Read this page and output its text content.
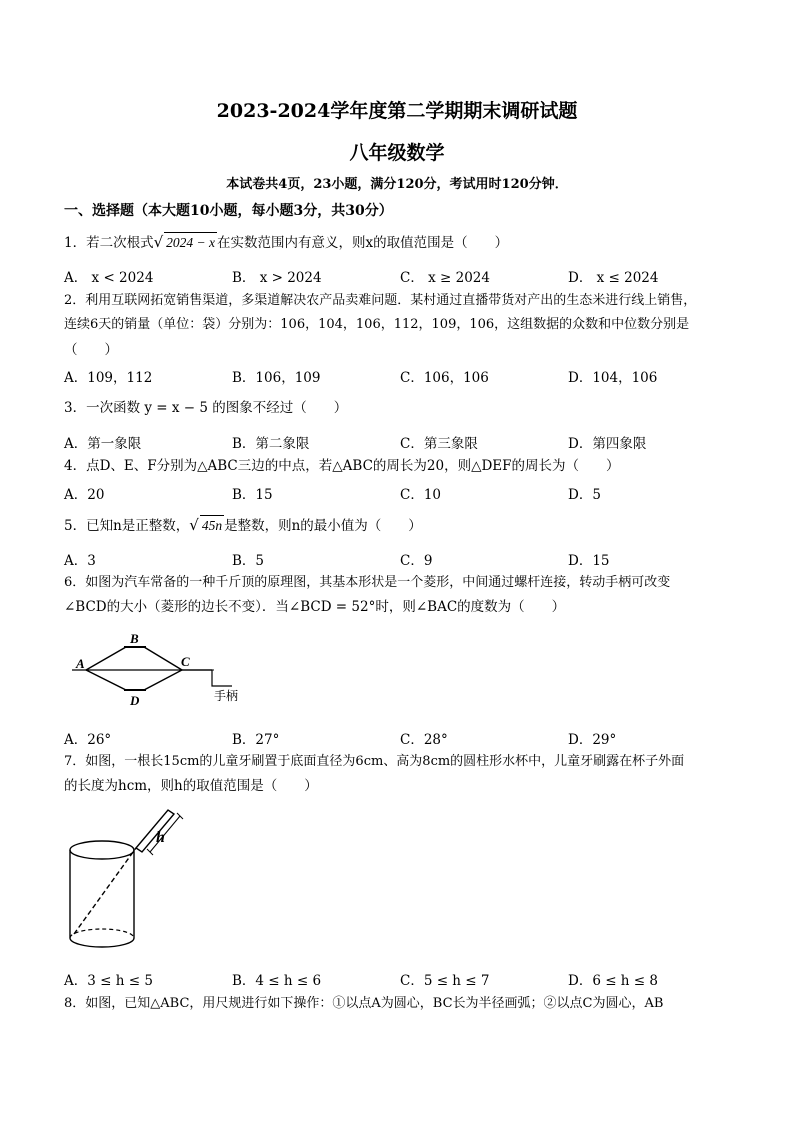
2023-2024学年度第二学期期末调研试题
八年级数学
本试卷共4页，23小题，满分120分，考试用时120分钟．
一、选择题（本大题10小题，每小题3分，共30分）
1．若二次根式√ 2024 − x 在实数范围内有意义，则x的取值范围是（　　）
A． x < 2024	B． x > 2024	C． x ≥ 2024	D． x ≤ 2024
2．利用互联网拓宽销售渠道，多渠道解决农产品卖难问题．某村通过直播带货对产出的生态米进行线上销售，
连续6天的销量（单位：袋）分别为：106，104，106，112，109，106，这组数据的众数和中位数分别是
（　　）
A．109，112	B．106，109	C．106，106	D．104，106
3．一次函数 y = x − 5 的图象不经过（　　）
A．第一象限	B．第二象限	C．第三象限	D．第四象限
4．点D、E、F分别为△ABC三边的中点，若△ABC的周长为20，则△DEF的周长为（　　）
A．20	B．15	C．10	D．5
5．已知n是正整数，√ 45n 是整数，则n的最小值为（　　）
A．3	B．5	C．9	D．15
6．如图为汽车常备的一种千斤顶的原理图，其基本形状是一个菱形，中间通过螺杆连接，转动手柄可改变
∠BCD的大小（菱形的边长不变）．当∠BCD = 52°时，则∠BAC的度数为（　　）
A
B
C
D	手柄
A．26°	B．27°	C．28°	D．29°
7．如图，一根长15cm的儿童牙刷置于底面直径为6cm、高为8cm的圆柱形水杯中，儿童牙刷露在杯子外面
的长度为hcm，则h的取值范围是（　　）
h
A．3 ≤ h ≤ 5	B．4 ≤ h ≤ 6	C．5 ≤ h ≤ 7	D．6 ≤ h ≤ 8
8．如图，已知△ABC，用尺规进行如下操作：①以点A为圆心，BC长为半径画弧；②以点C为圆心，AB
